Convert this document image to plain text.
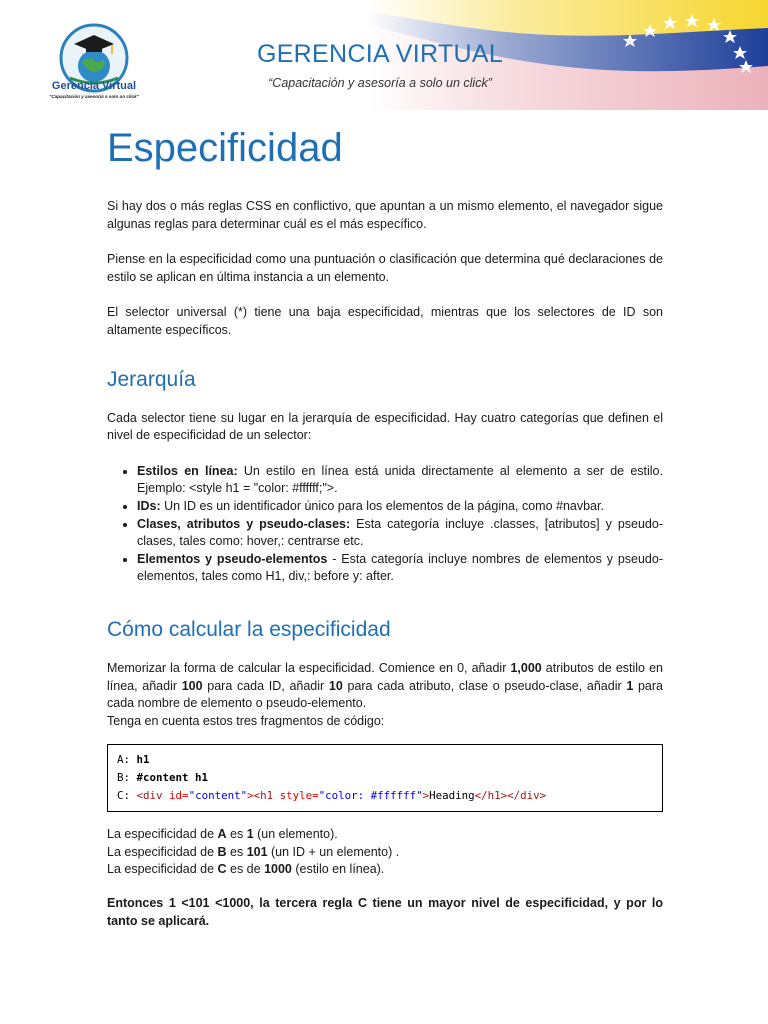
Gerencia Virtual
"Capacitación y asesoría a solo un click"
GERENCIA VIRTUAL
“Capacitación y asesoría a solo un click”
Especificidad

Si hay dos o más reglas CSS en conflictivo, que apuntan a un mismo elemento, el navegador sigue algunas reglas para determinar cuál es el más específico.

Piense en la especificidad como una puntuación o clasificación que determina qué declaraciones de estilo se aplican en última instancia a un elemento.

El selector universal (*) tiene una baja especificidad, mientras que los selectores de ID son altamente específicos.

Jerarquía

Cada selector tiene su lugar en la jerarquía de especificidad. Hay cuatro categorías que definen el nivel de especificidad de un selector:

• Estilos en línea: Un estilo en línea está unida directamente al elemento a ser de estilo. Ejemplo: <style h1 = "color: #ffffff;">.
• IDs: Un ID es un identificador único para los elementos de la página, como #navbar.
• Clases, atributos y pseudo-clases: Esta categoría incluye .classes, [atributos] y pseudo-clases, tales como: hover,: centrarse etc.
• Elementos y pseudo-elementos - Esta categoría incluye nombres de elementos y pseudo-elementos, tales como H1, div,: before y: after.
Cómo calcular la especificidad

Memorizar la forma de calcular la especificidad. Comience en 0, añadir 1,000 atributos de estilo en línea, añadir 100 para cada ID, añadir 10 para cada atributo, clase o pseudo-clase, añadir 1 para cada nombre de elemento o pseudo-elemento.

Tenga en cuenta estos tres fragmentos de código:

A: h1
B: #content h1
C: <div id="content"><h1 style="color: #ffffff">Heading</h1></div>

La especificidad de A es 1 (un elemento).

La especificidad de B es 101 (un ID + un elemento) .

La especificidad de C es de 1000 (estilo en línea).

Entonces 1 <101 <1000, la tercera regla C tiene un mayor nivel de especificidad, y por lo tanto se aplicará.
